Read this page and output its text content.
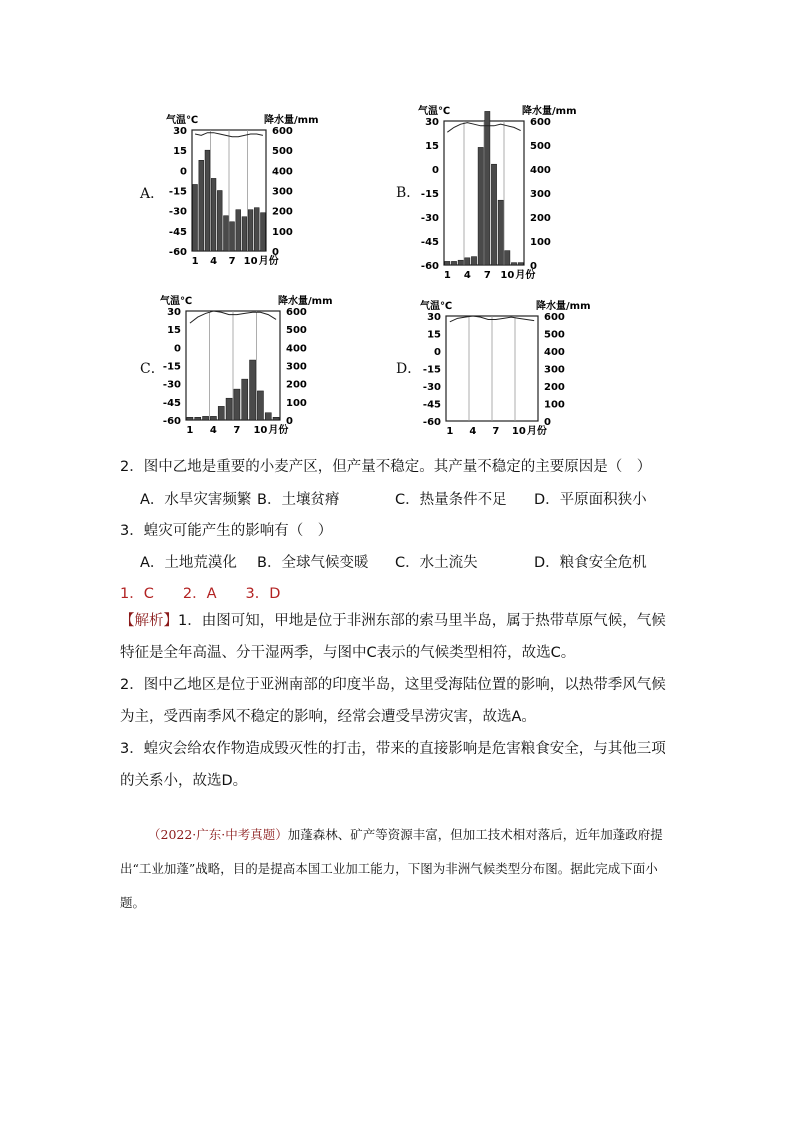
A．
气温℃	降水量/mm
30
15
0
-15
-30
-45
-60
600
500
400
300
200
100
0
1 4 7 10 月份
B．
气温℃	降水量/mm
30
15
0
-15
-30
-45
-60
600
500
400
300
200
100
0
1 4 7 10 月份
C．
气温℃	降水量/mm
30
15
0
-15
-30
-45
-60
600
500
400
300
200
100
0
1 4 7 10 月份
D．
气温℃	降水量/mm
30
15
0
-15
-30
-45
-60
600
500
400
300
200
100
0
1 4 7 10 月份
2．图中乙地是重要的小麦产区，但产量不稳定。其产量不稳定的主要原因是（　）
A．水旱灾害频繁 B．土壤贫瘠	C．热量条件不足 D．平原面积狭小
3．蝗灾可能产生的影响有（　）
A．土地荒漠化 B．全球气候变暖 C．水土流失	D．粮食安全危机
1．C　　2．A　　3．D
【解析】1．由图可知，甲地是位于非洲东部的索马里半岛，属于热带草原气候，气候特征是全年高温、分干湿两季，与图中C表示的气候类型相符，故选C。
2．图中乙地区是位于亚洲南部的印度半岛，这里受海陆位置的影响，以热带季风气候为主，受西南季风不稳定的影响，经常会遭受旱涝灾害，故选A。
3．蝗灾会给农作物造成毁灭性的打击，带来的直接影响是危害粮食安全，与其他三项的关系小，故选D。
（2022·广东·中考真题）加蓬森林、矿产等资源丰富，但加工技术相对落后，近年加蓬政府提出“工业加蓬”战略，目的是提高本国工业加工能力，下图为非洲气候类型分布图。据此完成下面小题。
